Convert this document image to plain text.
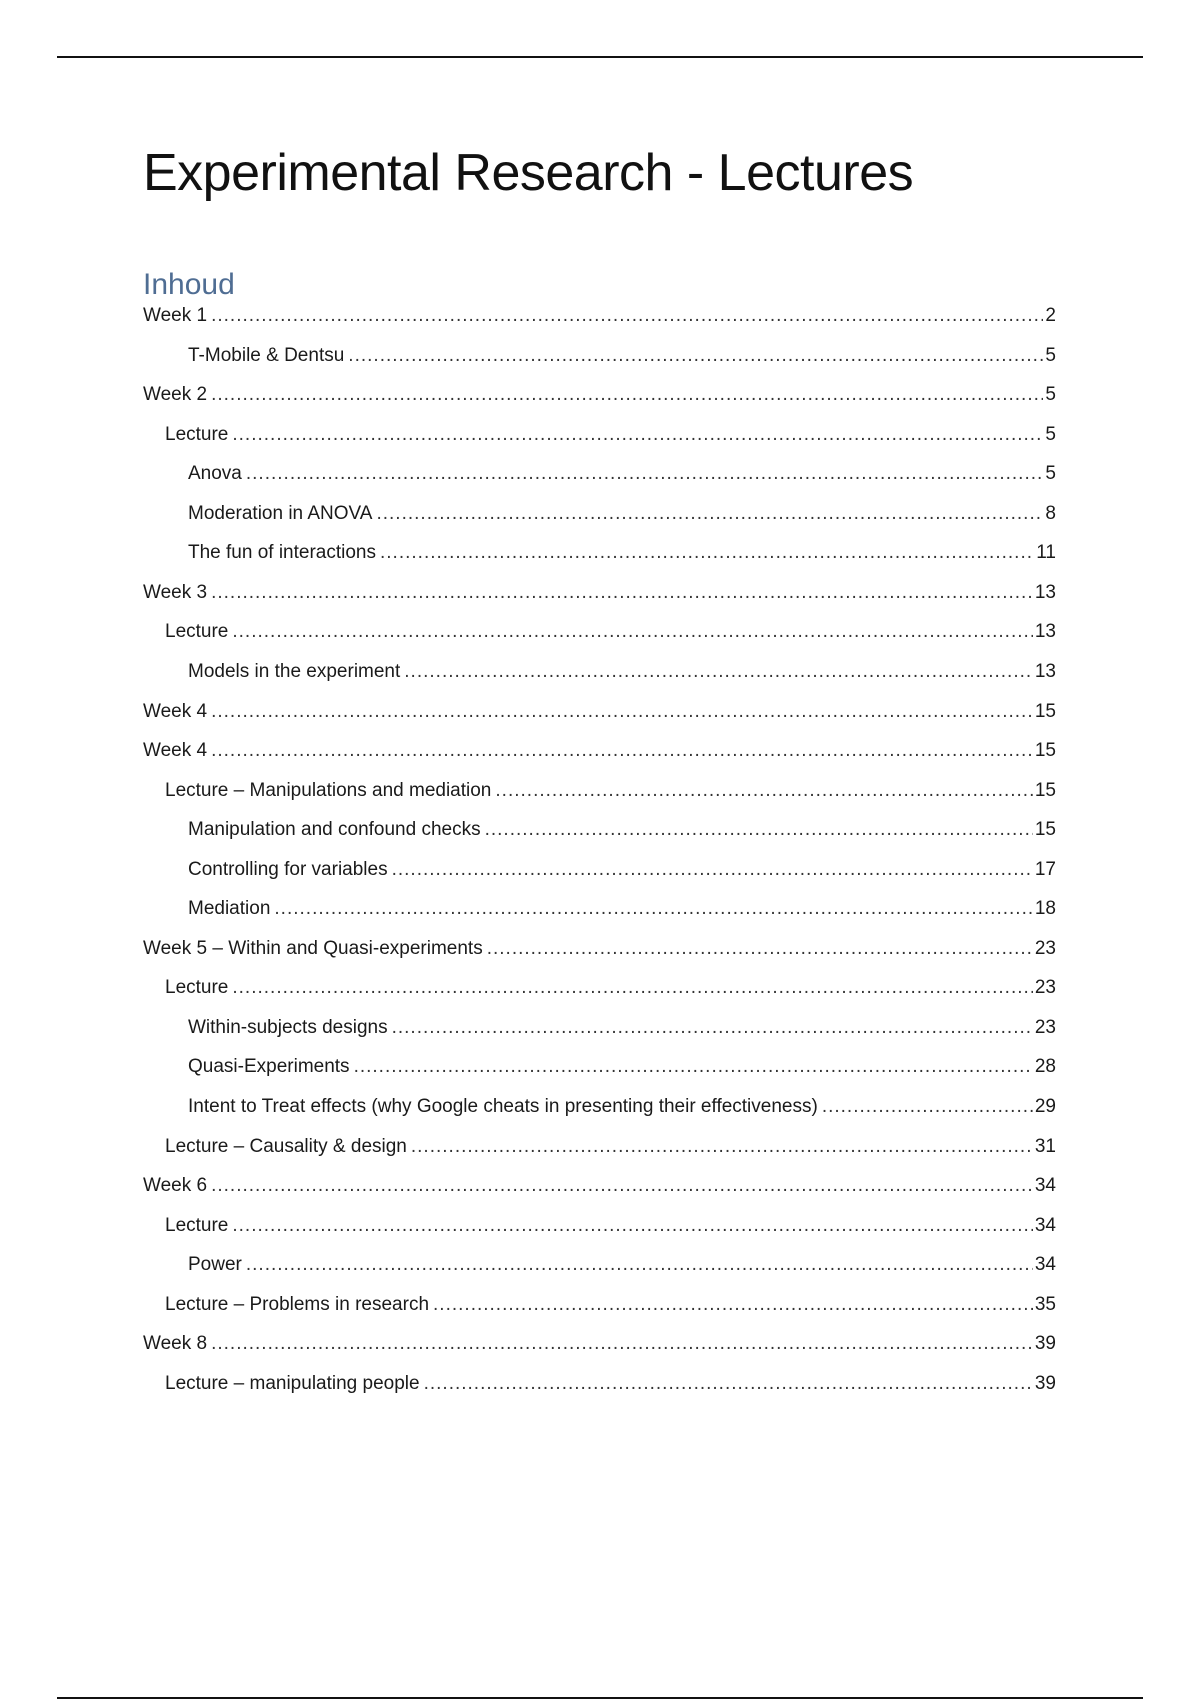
Experimental Research - Lectures
Inhoud
Week 1 .....	2
T-Mobile & Dentsu .....	5
Week 2 .....	5
Lecture .....	5
Anova .....	5
Moderation in ANOVA .....	8
The fun of interactions .....	11
Week 3 .....	13
Lecture .....	13
Models in the experiment .....	13
Week 4 .....	15
Week 4 .....	15
Lecture – Manipulations and mediation .....	15
Manipulation and confound checks .....	15
Controlling for variables .....	17
Mediation .....	18
Week 5 – Within and Quasi-experiments .....	23
Lecture .....	23
Within-subjects designs .....	23
Quasi-Experiments .....	28
Intent to Treat effects (why Google cheats in presenting their effectiveness) .....	29
Lecture – Causality & design .....	31
Week 6 .....	34
Lecture .....	34
Power .....	34
Lecture – Problems in research .....	35
Week 8 .....	39
Lecture – manipulating people .....	39
